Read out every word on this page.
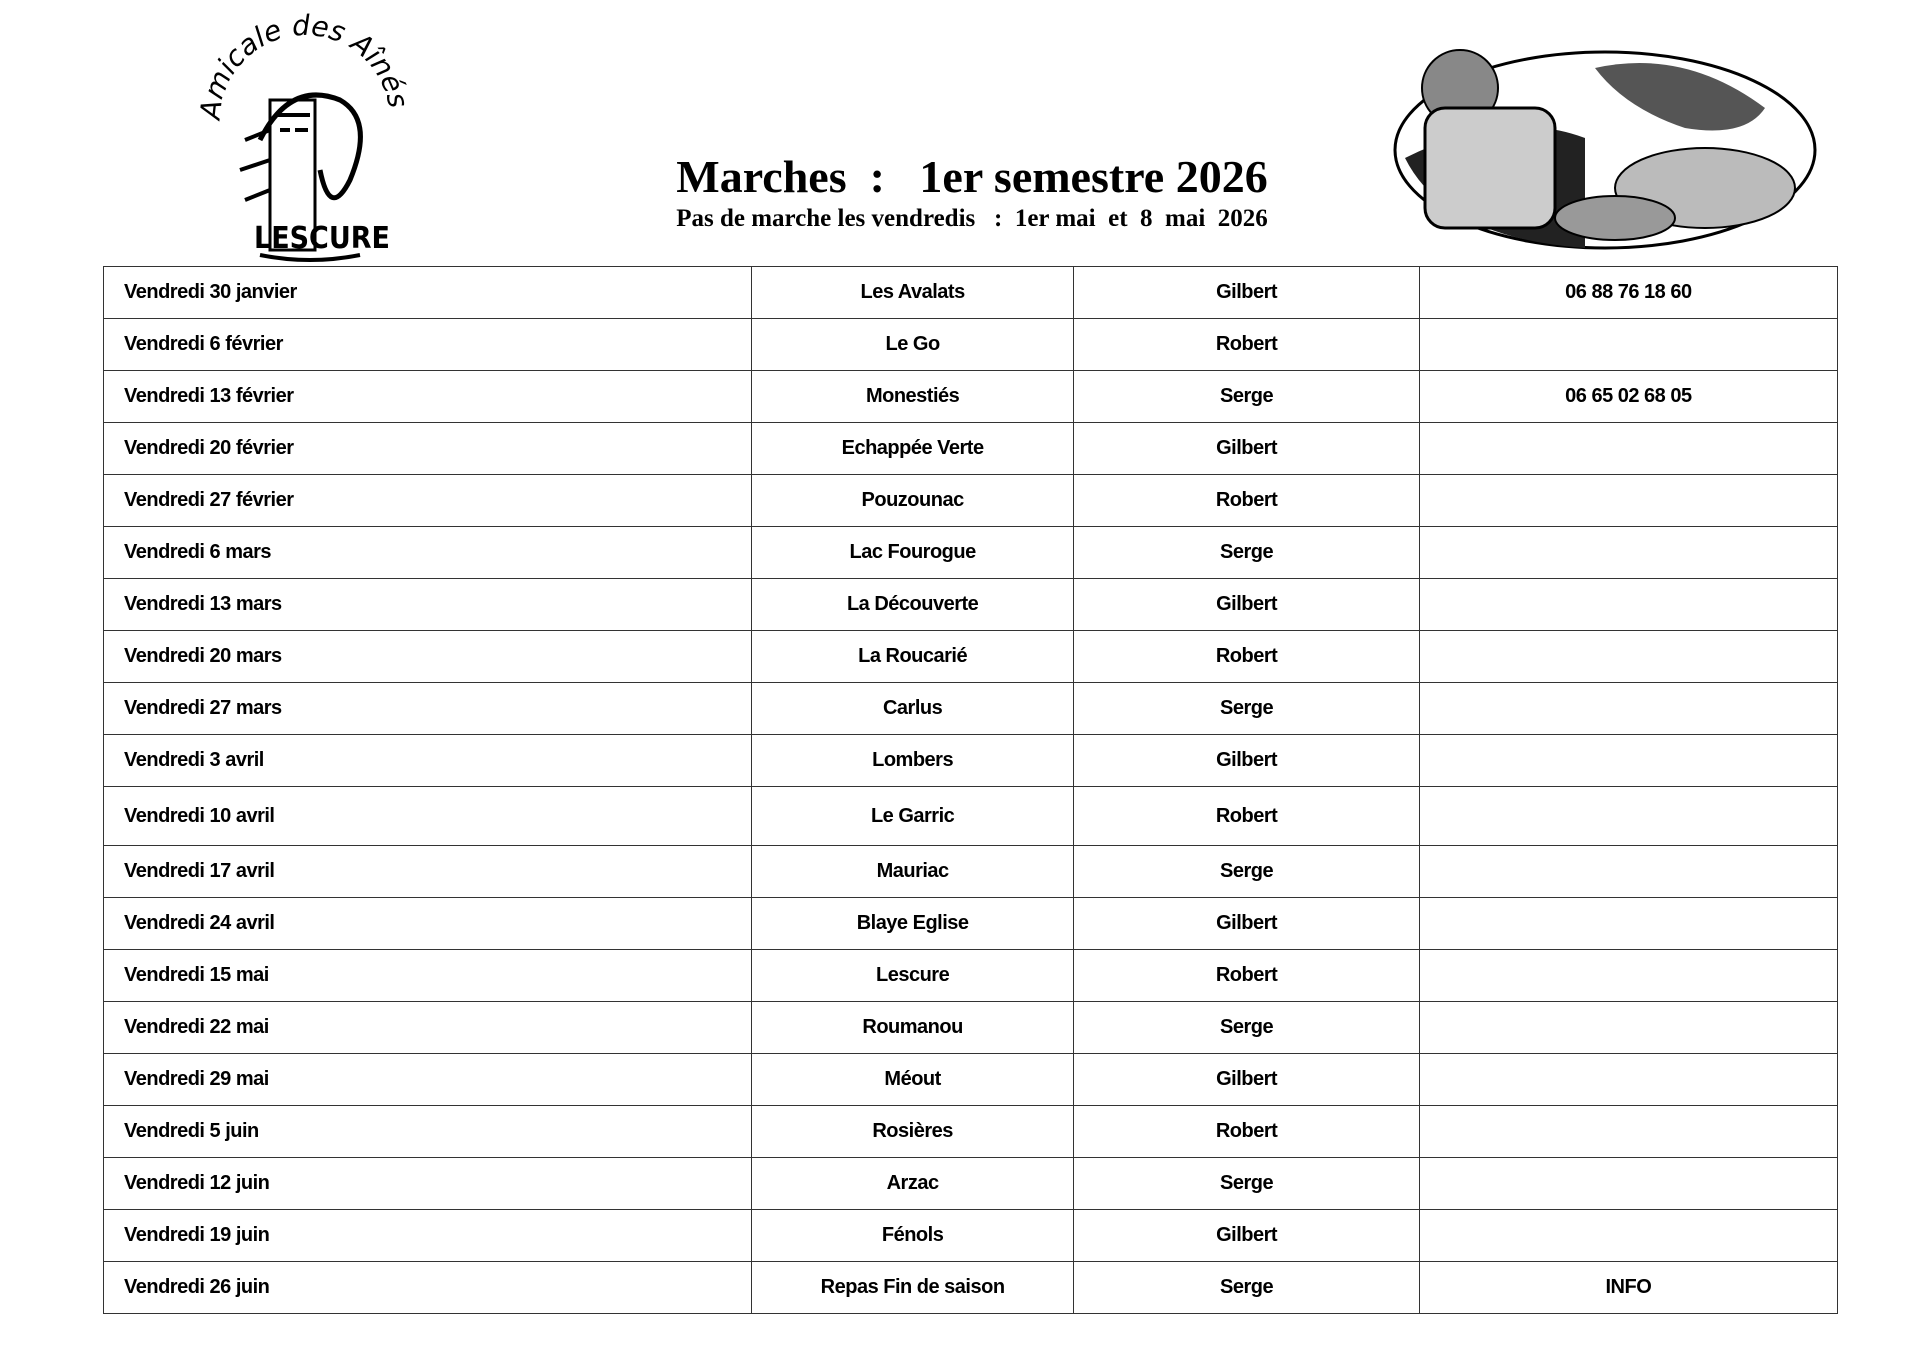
micale des Aînés
LESCURE
Marches  :   1er semestre 2026
Pas de marche les vendredis   :  1er mai  et  8  mai  2026
Vendredi 30 janvier	Les Avalats	Gilbert	06 88 76 18 60
Vendredi 6 février	Le Go	Robert	
Vendredi 13 février	Monestiés	Serge	06 65 02 68 05
Vendredi 20 février	Echappée Verte	Gilbert	
Vendredi 27 février	Pouzounac	Robert	
Vendredi 6 mars	Lac Fourogue	Serge	
Vendredi 13 mars	La Découverte	Gilbert	
Vendredi 20 mars	La Roucarié	Robert	
Vendredi 27 mars	Carlus	Serge	
Vendredi 3 avril	Lombers	Gilbert	
Vendredi 10 avril	Le Garric	Robert	
Vendredi 17 avril	Mauriac	Serge	
Vendredi 24 avril	Blaye Eglise	Gilbert	
Vendredi 15 mai	Lescure	Robert	
Vendredi 22 mai	Roumanou	Serge	
Vendredi 29 mai	Méout	Gilbert	
Vendredi 5 juin	Rosières	Robert	
Vendredi 12 juin	Arzac	Serge	
Vendredi 19 juin	Fénols	Gilbert	
Vendredi 26 juin	Repas Fin de saison	Serge	INFO
